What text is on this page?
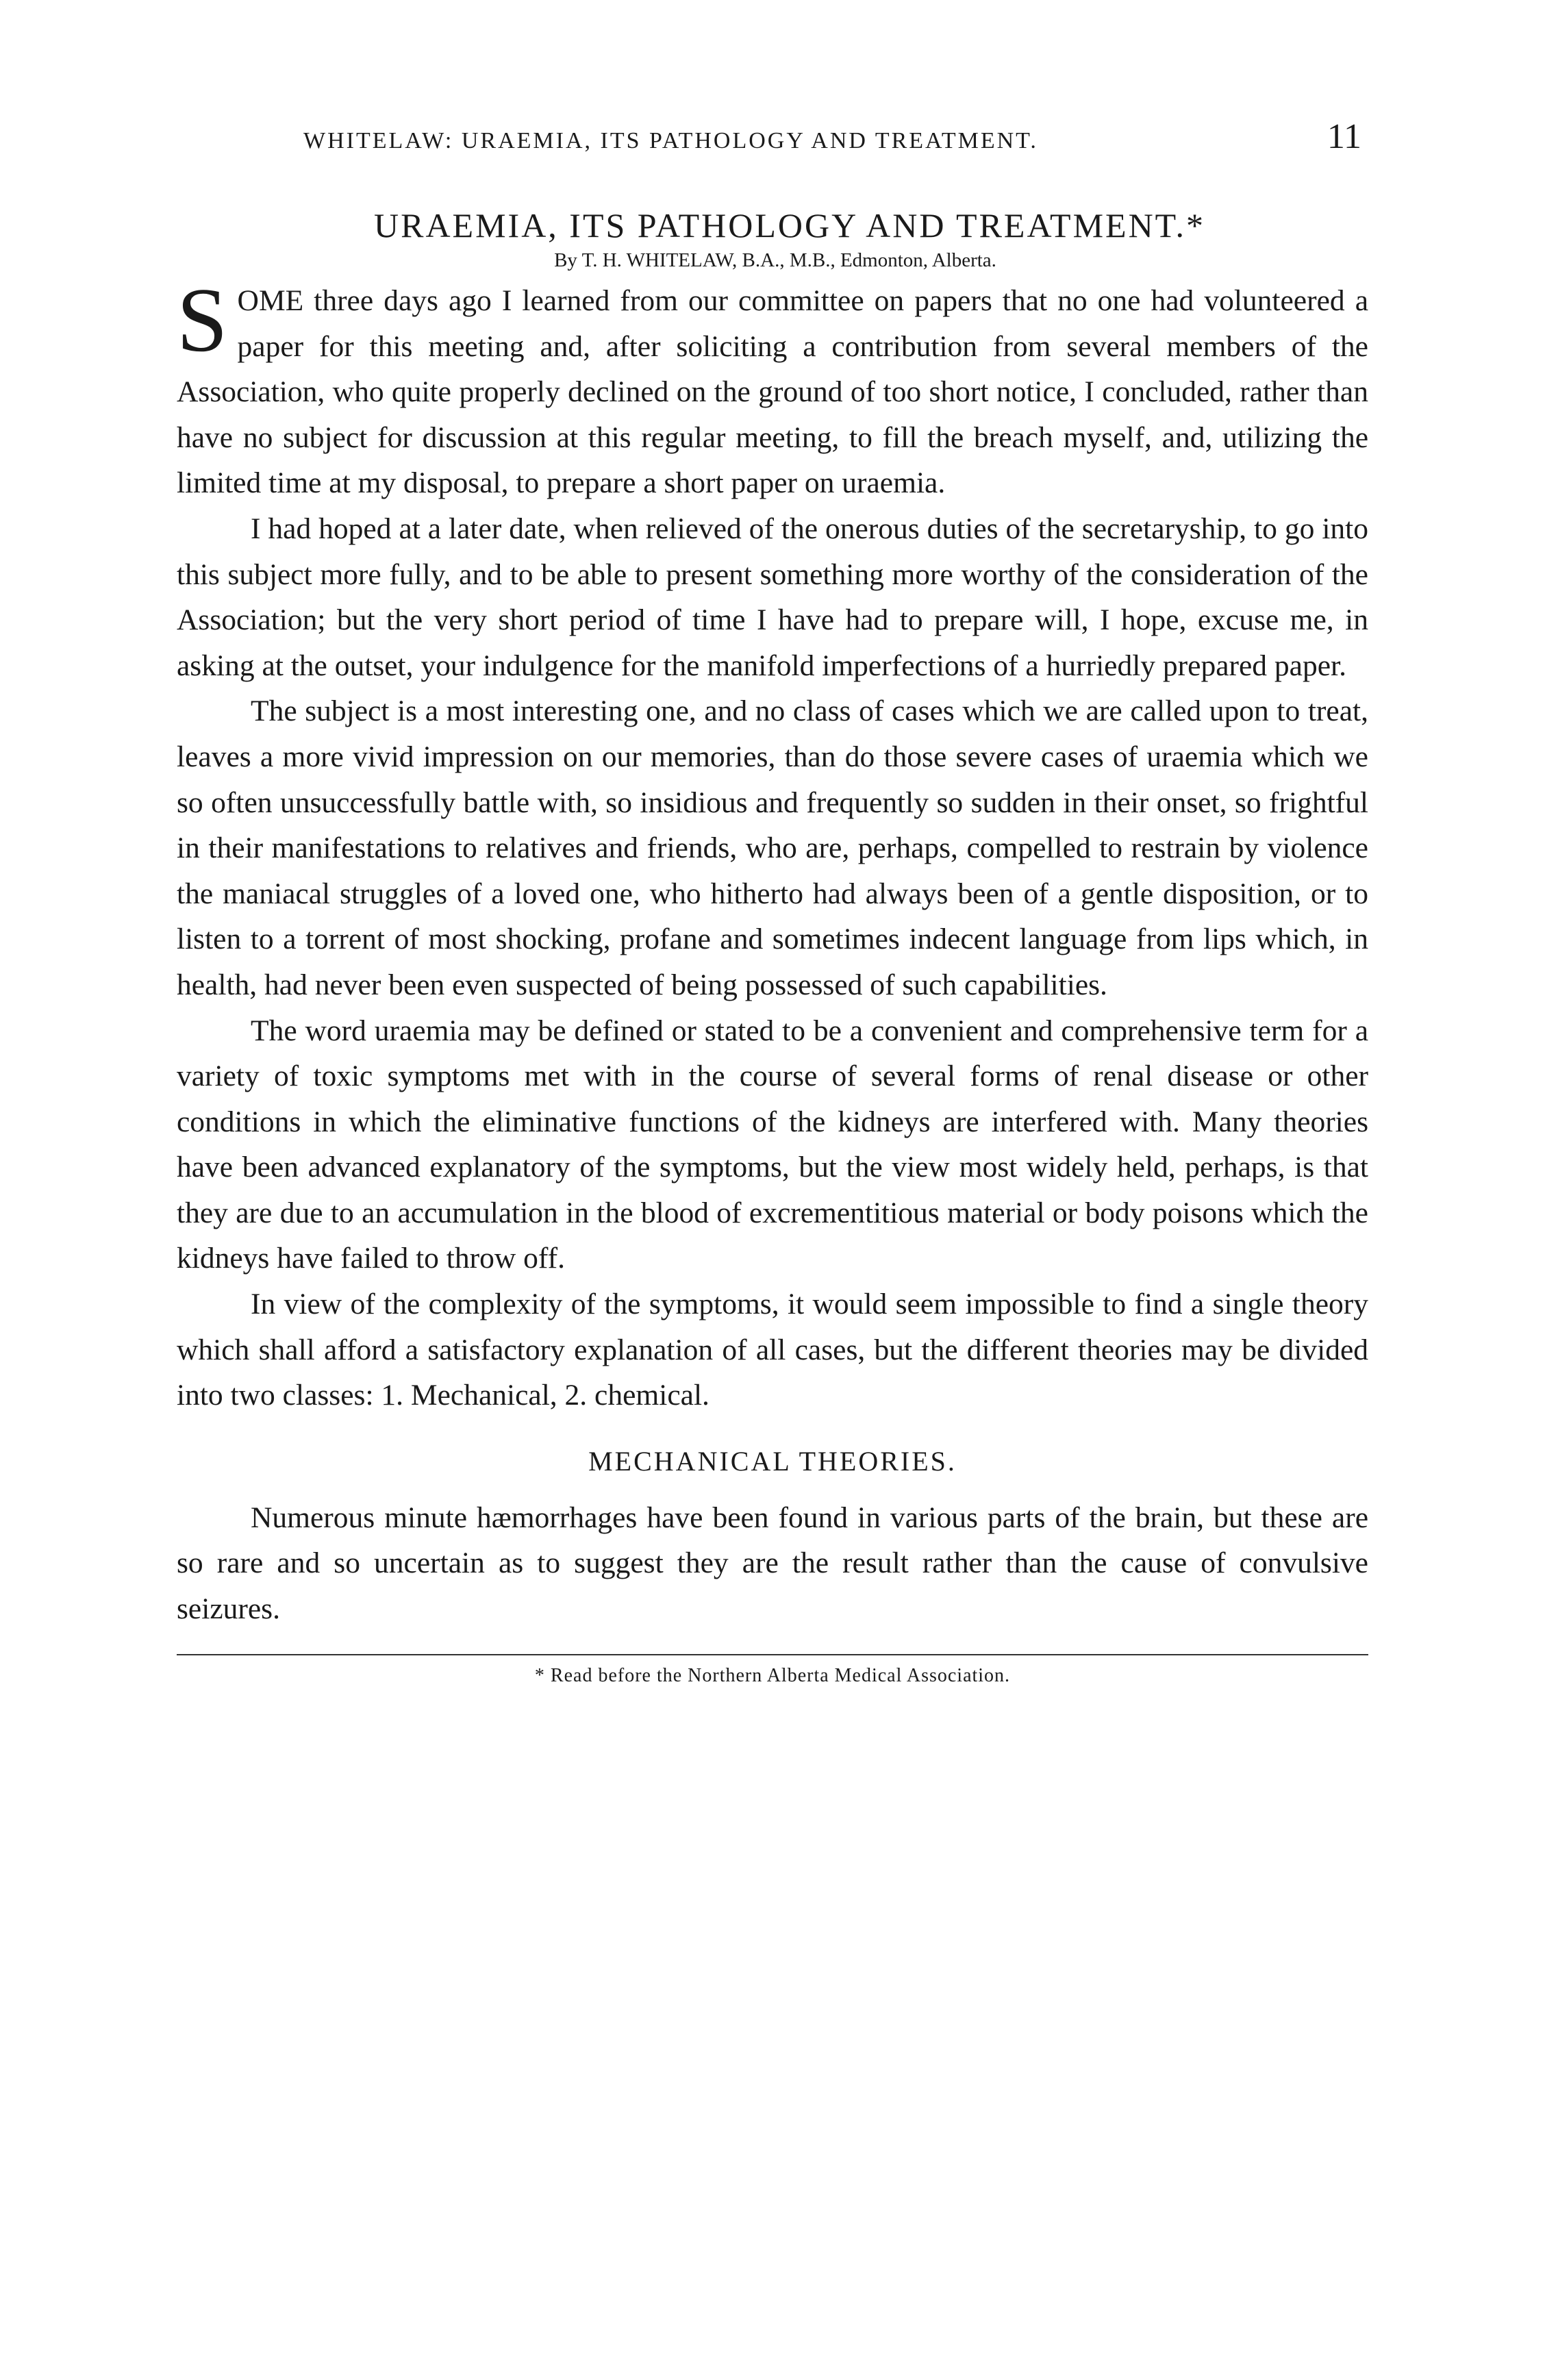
WHITELAW: URAEMIA, ITS PATHOLOGY AND TREATMENT.	11
URAEMIA, ITS PATHOLOGY AND TREATMENT.*
By T. H. WHITELAW, B.A., M.B., Edmonton, Alberta.

SOME three days ago I learned from our committee on papers that no one had volunteered a paper for this meeting and, after soliciting a contribution from several members of the Association, who quite properly declined on the ground of too short notice, I concluded, rather than have no subject for discussion at this regular meeting, to fill the breach myself, and, utilizing the limited time at my disposal, to prepare a short paper on uraemia.

I had hoped at a later date, when relieved of the onerous duties of the secretaryship, to go into this subject more fully, and to be able to present something more worthy of the consideration of the Association; but the very short period of time I have had to prepare will, I hope, excuse me, in asking at the outset, your indulgence for the manifold imperfections of a hurriedly prepared paper.

The subject is a most interesting one, and no class of cases which we are called upon to treat, leaves a more vivid impression on our memories, than do those severe cases of uraemia which we so often unsuccessfully battle with, so insidious and frequently so sudden in their onset, so frightful in their manifestations to relatives and friends, who are, perhaps, compelled to restrain by violence the maniacal struggles of a loved one, who hitherto had always been of a gentle disposition, or to listen to a torrent of most shocking, profane and sometimes indecent language from lips which, in health, had never been even suspected of being possessed of such capabilities.

The word uraemia may be defined or stated to be a convenient and comprehensive term for a variety of toxic symptoms met with in the course of several forms of renal disease or other conditions in which the eliminative functions of the kidneys are interfered with. Many theories have been advanced explanatory of the symptoms, but the view most widely held, perhaps, is that they are due to an accumulation in the blood of excrementitious material or body poisons which the kidneys have failed to throw off.

In view of the complexity of the symptoms, it would seem impossible to find a single theory which shall afford a satisfactory explanation of all cases, but the different theories may be divided into two classes: 1. Mechanical, 2. chemical.

MECHANICAL THEORIES.

Numerous minute hæmorrhages have been found in various parts of the brain, but these are so rare and so uncertain as to suggest they are the result rather than the cause of convulsive seizures.

* Read before the Northern Alberta Medical Association.
